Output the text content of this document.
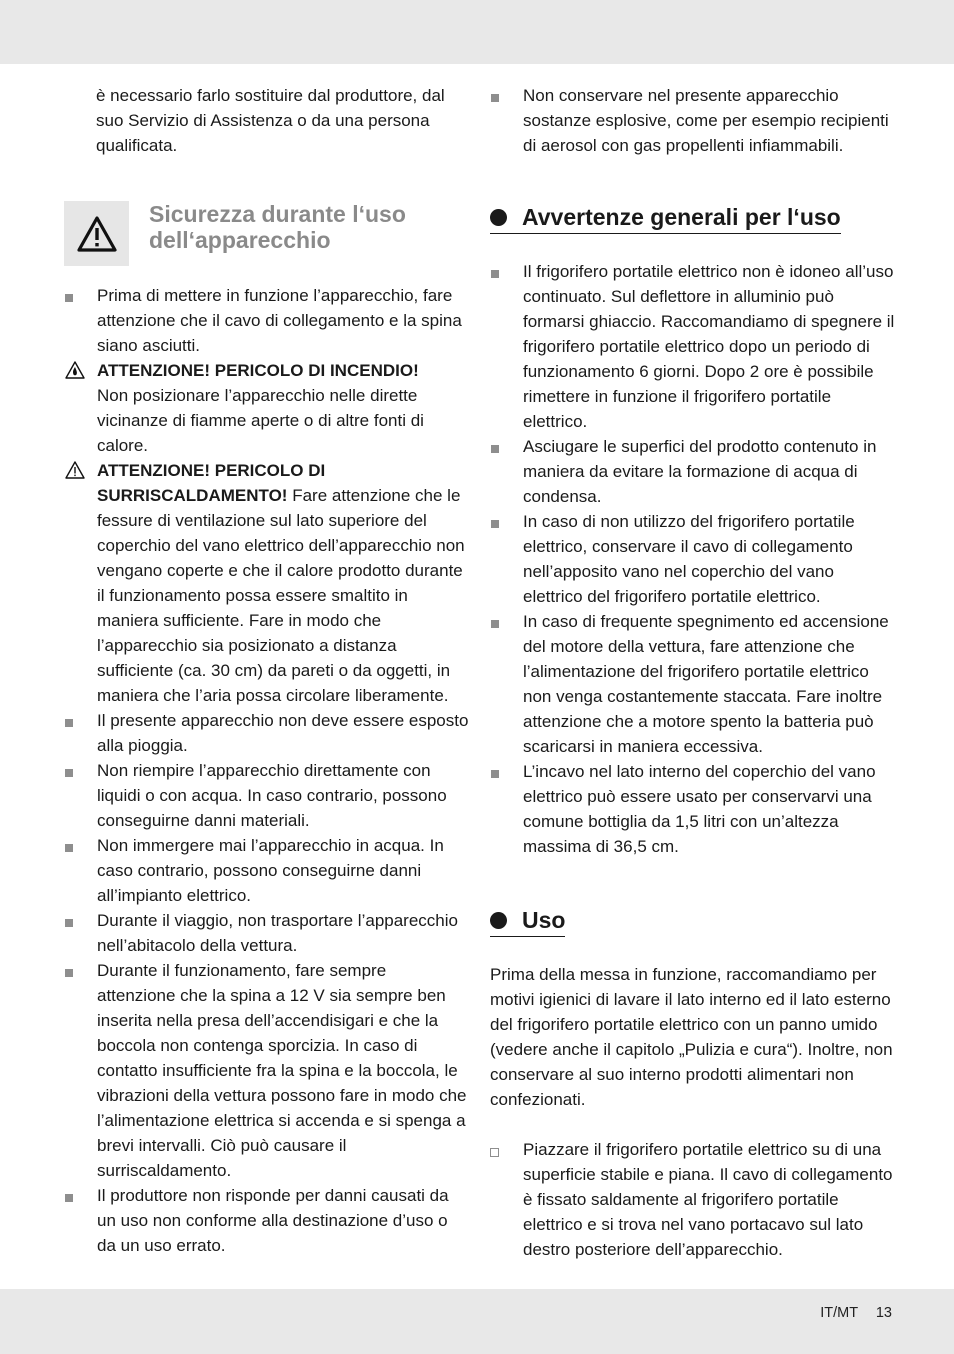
è necessario farlo sostituire dal produttore, dal suo Servizio di Assistenza o da una persona qualificata.

Sicurezza durante l‘uso dell‘apparecchio
Prima di mettere in funzione l’apparecchio, fare attenzione che il cavo di collegamento e la spina siano asciutti.
ATTENZIONE! PERICOLO DI INCENDIO!
Non posizionare l’apparecchio nelle dirette vicinanze di fiamme aperte o di altre fonti di calore.
ATTENZIONE! PERICOLO DI SURRISCALDAMENTO! Fare attenzione che le fessure di ventilazione sul lato superiore del coperchio del vano elettrico dell’apparecchio non vengano coperte e che il calore prodotto durante il funzionamento possa essere smaltito in maniera sufficiente. Fare in modo che l’apparecchio sia posizionato a distanza sufficiente (ca. 30 cm) da pareti o da oggetti, in maniera che l’aria possa circolare liberamente.
Il presente apparecchio non deve essere esposto alla pioggia.
Non riempire l’apparecchio direttamente con liquidi o con acqua. In caso contrario, possono conseguirne danni materiali.
Non immergere mai l’apparecchio in acqua. In caso contrario, possono conseguirne danni all’impianto elettrico.
Durante il viaggio, non trasportare l’apparecchio nell’abitacolo della vettura.
Durante il funzionamento, fare sempre attenzione che la spina a 12 V sia sempre ben inserita nella presa dell’accendisigari e che la boccola non contenga sporcizia. In caso di contatto insufficiente fra la spina e la boccola, le vibrazioni della vettura possono fare in modo che l’alimentazione elettrica si accenda e si spenga a brevi intervalli. Ciò può causare il surriscaldamento.
Il produttore non risponde per danni causati da un uso non conforme alla destinazione d’uso o da un uso errato.
Non conservare nel presente apparecchio sostanze esplosive, come per esempio recipienti di aerosol con gas propellenti infiammabili.
Avvertenze generali per l‘uso
Il frigorifero portatile elettrico non è idoneo all’uso continuato. Sul deflettore in alluminio può formarsi ghiaccio. Raccomandiamo di spegnere il frigorifero portatile elettrico dopo un periodo di funzionamento 6 giorni. Dopo 2 ore è possibile rimettere in funzione il frigorifero portatile elettrico.
Asciugare le superfici del prodotto contenuto in maniera da evitare la formazione di acqua di condensa.
In caso di non utilizzo del frigorifero portatile elettrico, conservare il cavo di collegamento nell’apposito vano nel coperchio del vano elettrico del frigorifero portatile elettrico.
In caso di frequente spegnimento ed accensione del motore della vettura, fare attenzione che l’alimentazione del frigorifero portatile elettrico non venga costantemente staccata. Fare inoltre attenzione che a motore spento la batteria può scaricarsi in maniera eccessiva.
L’incavo nel lato interno del coperchio del vano elettrico può essere usato per conservarvi una comune bottiglia da 1,5 litri con un’altezza massima di 36,5 cm.
Uso

Prima della messa in funzione, raccomandiamo per motivi igienici di lavare il lato interno ed il lato esterno del frigorifero portatile elettrico con un panno umido (vedere anche il capitolo „Pulizia e cura“). Inoltre, non conservare al suo interno prodotti alimentari non confezionati.

Piazzare il frigorifero portatile elettrico su di una superficie stabile e piana. Il cavo di collegamento è fissato saldamente al frigorifero portatile elettrico e si trova nel vano portacavo sul lato destro posteriore dell’apparecchio.
IT/MT 13
